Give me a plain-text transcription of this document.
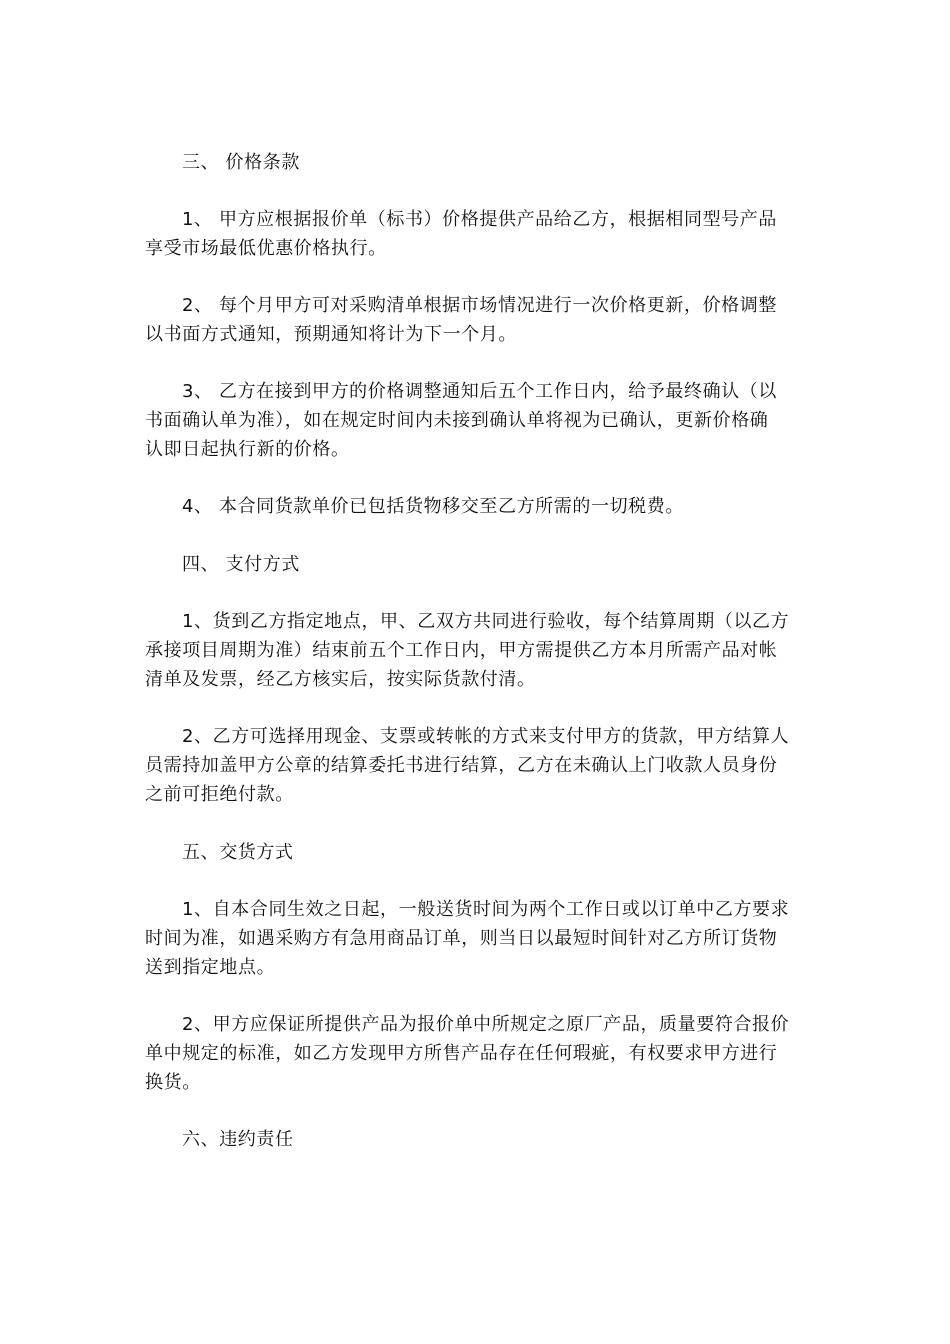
三、 价格条款
1、 甲方应根据报价单（标书）价格提供产品给乙方，根据相同型号产品
享受市场最低优惠价格执行。
2、 每个月甲方可对采购清单根据市场情况进行一次价格更新，价格调整
以书面方式通知，预期通知将计为下一个月。
3、 乙方在接到甲方的价格调整通知后五个工作日内，给予最终确认（以
书面确认单为准），如在规定时间内未接到确认单将视为已确认，更新价格确
认即日起执行新的价格。
4、 本合同货款单价已包括货物移交至乙方所需的一切税费。
四、 支付方式
1、货到乙方指定地点，甲、乙双方共同进行验收，每个结算周期（以乙方
承接项目周期为准）结束前五个工作日内，甲方需提供乙方本月所需产品对帐
清单及发票，经乙方核实后，按实际货款付清。
2、乙方可选择用现金、支票或转帐的方式来支付甲方的货款，甲方结算人
员需持加盖甲方公章的结算委托书进行结算，乙方在未确认上门收款人员身份
之前可拒绝付款。
五、交货方式
1、自本合同生效之日起，一般送货时间为两个工作日或以订单中乙方要求
时间为准，如遇采购方有急用商品订单，则当日以最短时间针对乙方所订货物
送到指定地点。
2、甲方应保证所提供产品为报价单中所规定之原厂产品，质量要符合报价
单中规定的标准，如乙方发现甲方所售产品存在任何瑕疵，有权要求甲方进行
换货。
六、违约责任
